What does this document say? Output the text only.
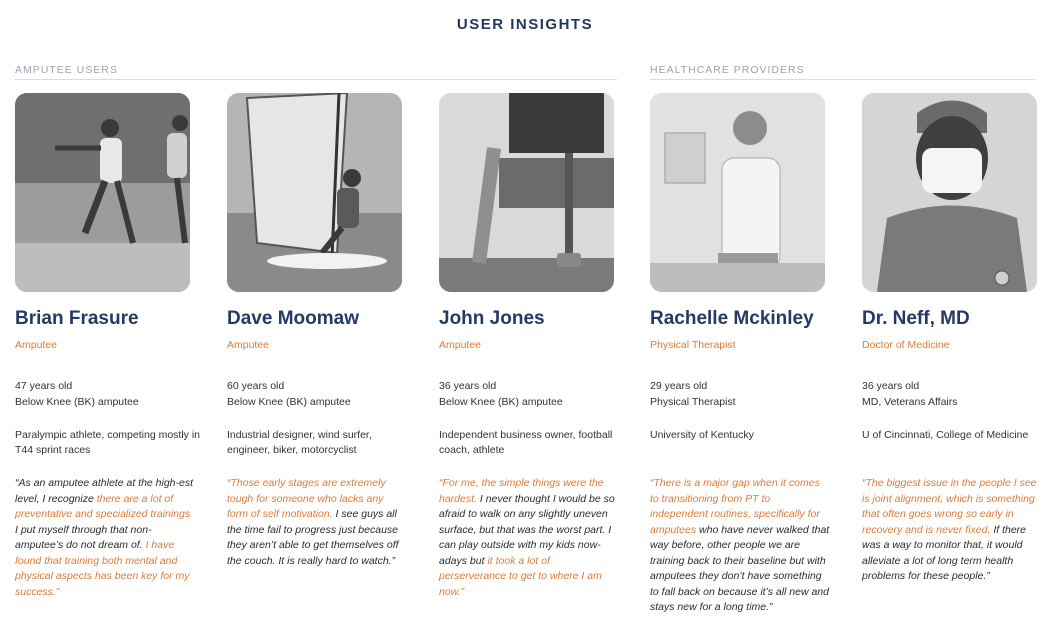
USER INSIGHTS
AMPUTEE USERS	HEALTHCARE PROVIDERS
Brian Frasure
Amputee
47 years old
Below Knee (BK) amputee
Paralympic athlete, competing mostly in T44 sprint races
“As an amputee athlete at the high-est level, I recognize there are a lot of preventative and specialized trainings I put myself through that non-amputee’s do not dream of. I have found that training both mental and physical aspects has been key for my success.”
Dave Moomaw
Amputee
60 years old
Below Knee (BK) amputee
Industrial designer, wind surfer, engineer, biker, motorcyclist
“Those early stages are extremely tough for someone who lacks any form of self motivation. I see guys all the time fail to progress just because they aren’t able to get themselves off the couch. It is really hard to watch.”
John Jones
Amputee
36 years old
Below Knee (BK) amputee
Independent business owner, football coach, athlete
“For me, the simple things were the hardest. I never thought I would be so afraid to walk on any slightly uneven surface, but that was the worst part. I can play outside with my kids now-adays but it took a lot of perserverance to get to where I am now.”
Rachelle Mckinley
Physical Therapist
29 years old
Physical Therapist
University of Kentucky
“There is a major gap when it comes to transitioning from PT to independent routines, specifically for amputees who have never walked that way before, other people we are training back to their baseline but with amputees they don’t have something to fall back on because it’s all new and stays new for a long time.”
Dr. Neff, MD
Doctor of Medicine
36 years old
MD, Veterans Affairs
U of Cincinnati, College of Medicine
“The biggest issue in the people I see is joint alignment, which is something that often goes wrong so early in recovery and is never fixed. If there was a way to monitor that, it would alleviate a lot of long term health problems for these people.”
